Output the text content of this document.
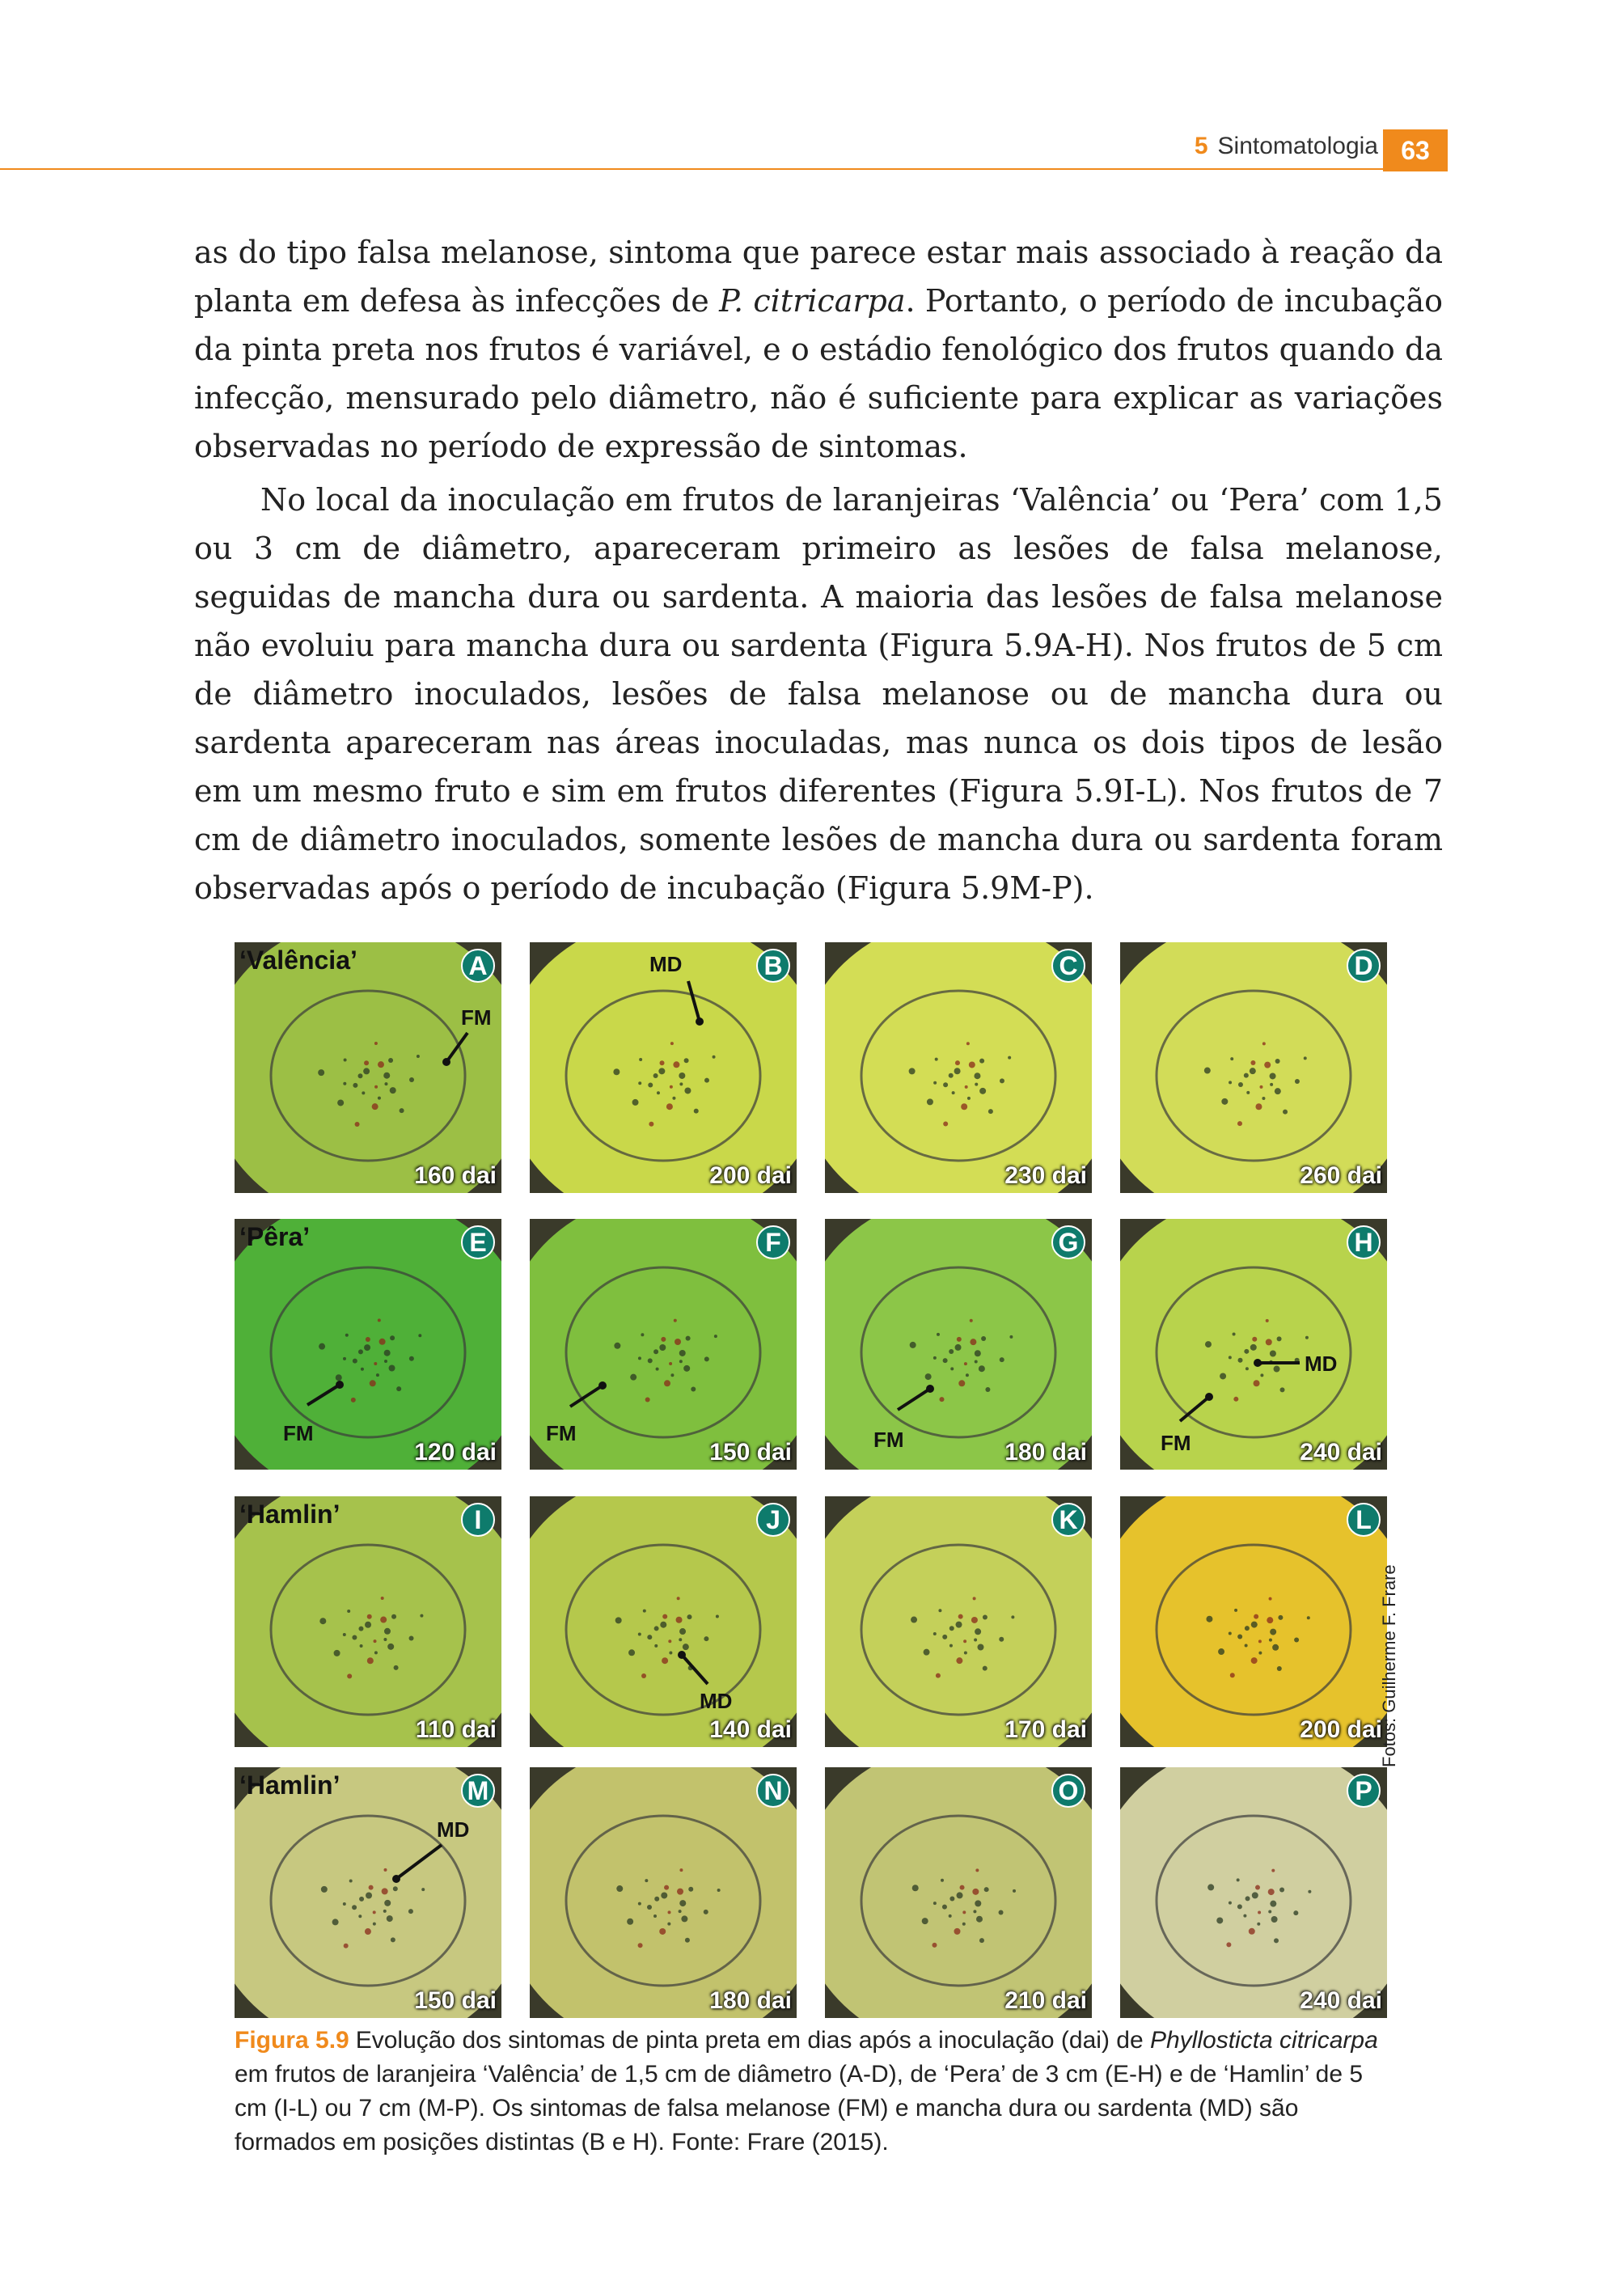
5 Sintomatologia 63

as do tipo falsa melanose, sintoma que parece estar mais associado à reação da planta em defesa às infecções de P. citricarpa. Portanto, o período de incubação da pinta preta nos frutos é variável, e o estádio fenológico dos frutos quando da infecção, mensurado pelo diâmetro, não é suficiente para explicar as variações observadas no período de expressão de sintomas.

No local da inoculação em frutos de laranjeiras ‘Valência’ ou ‘Pera’ com 1,5 ou 3 cm de diâmetro, apareceram primeiro as lesões de falsa melanose, seguidas de mancha dura ou sardenta. A maioria das lesões de falsa melanose não evoluiu para mancha dura ou sardenta (Figura 5.9A-H). Nos frutos de 5 cm de diâmetro inoculados, lesões de falsa melanose ou de mancha dura ou sardenta apareceram nas áreas inoculadas, mas nunca os dois tipos de lesão em um mesmo fruto e sim em frutos diferentes (Figura 5.9I-L). Nos frutos de 7 cm de diâmetro inoculados, somente lesões de mancha dura ou sardenta foram observadas após o período de incubação (Figura 5.9M-P).

‘Valência’	A
160 dai
FM
B
200 dai
MD	C
230 dai
D
260 dai
‘Pêra’	E
120 dai
FM
F
150 dai
FM
G
180 dai
FM
H
240 dai
MD
FM
‘Hamlin’	I
110 dai
J
140 dai
MD
K
170 dai
L
200 dai
‘Hamlin’	M
150 dai
MD
N
180 dai
O
210 dai
P
240 dai
Fotos: Guilherme F. Frare
Figura 5.9 Evolução dos sintomas de pinta preta em dias após a inoculação (dai) de Phyllosticta citricarpa em frutos de laranjeira ‘Valência’ de 1,5 cm de diâmetro (A-D), de ‘Pera’ de 3 cm (E-H) e de ‘Hamlin’ de 5 cm (I-L) ou 7 cm (M-P). Os sintomas de falsa melanose (FM) e mancha dura ou sardenta (MD) são formados em posições distintas (B e H). Fonte: Frare (2015).
